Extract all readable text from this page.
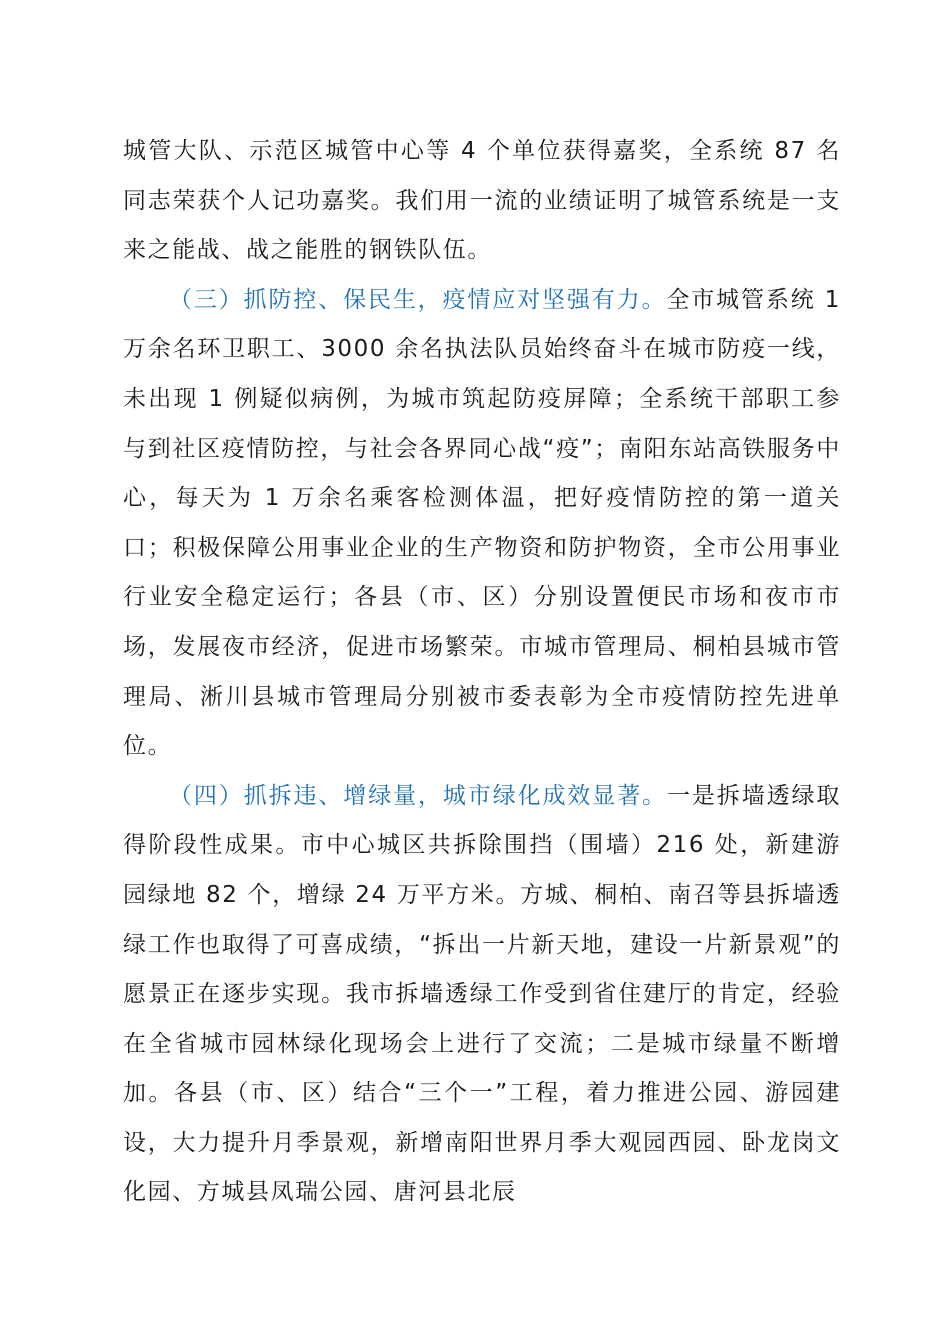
城管大队、示范区城管中心等 4 个单位获得嘉奖，全系统 87 名同志荣获个人记功嘉奖。我们用一流的业绩证明了城管系统是一支来之能战、战之能胜的钢铁队伍。

（三）抓防控、保民生，疫情应对坚强有力。全市城管系统 1 万余名环卫职工、3000 余名执法队员始终奋斗在城市防疫一线，未出现 1 例疑似病例，为城市筑起防疫屏障；全系统干部职工参与到社区疫情防控，与社会各界同心战“疫”；南阳东站高铁服务中心，每天为 1 万余名乘客检测体温，把好疫情防控的第一道关口；积极保障公用事业企业的生产物资和防护物资，全市公用事业行业安全稳定运行；各县（市、区）分别设置便民市场和夜市市场，发展夜市经济，促进市场繁荣。市城市管理局、桐柏县城市管理局、淅川县城市管理局分别被市委表彰为全市疫情防控先进单位。

（四）抓拆违、增绿量，城市绿化成效显著。一是拆墙透绿取得阶段性成果。市中心城区共拆除围挡（围墙）216 处，新建游园绿地 82 个，增绿 24 万平方米。方城、桐柏、南召等县拆墙透绿工作也取得了可喜成绩，“拆出一片新天地，建设一片新景观”的愿景正在逐步实现。我市拆墙透绿工作受到省住建厅的肯定，经验在全省城市园林绿化现场会上进行了交流；二是城市绿量不断增加。各县（市、区）结合“三个一”工程，着力推进公园、游园建设，大力提升月季景观，新增南阳世界月季大观园西园、卧龙岗文化园、方城县凤瑞公园、唐河县北辰
